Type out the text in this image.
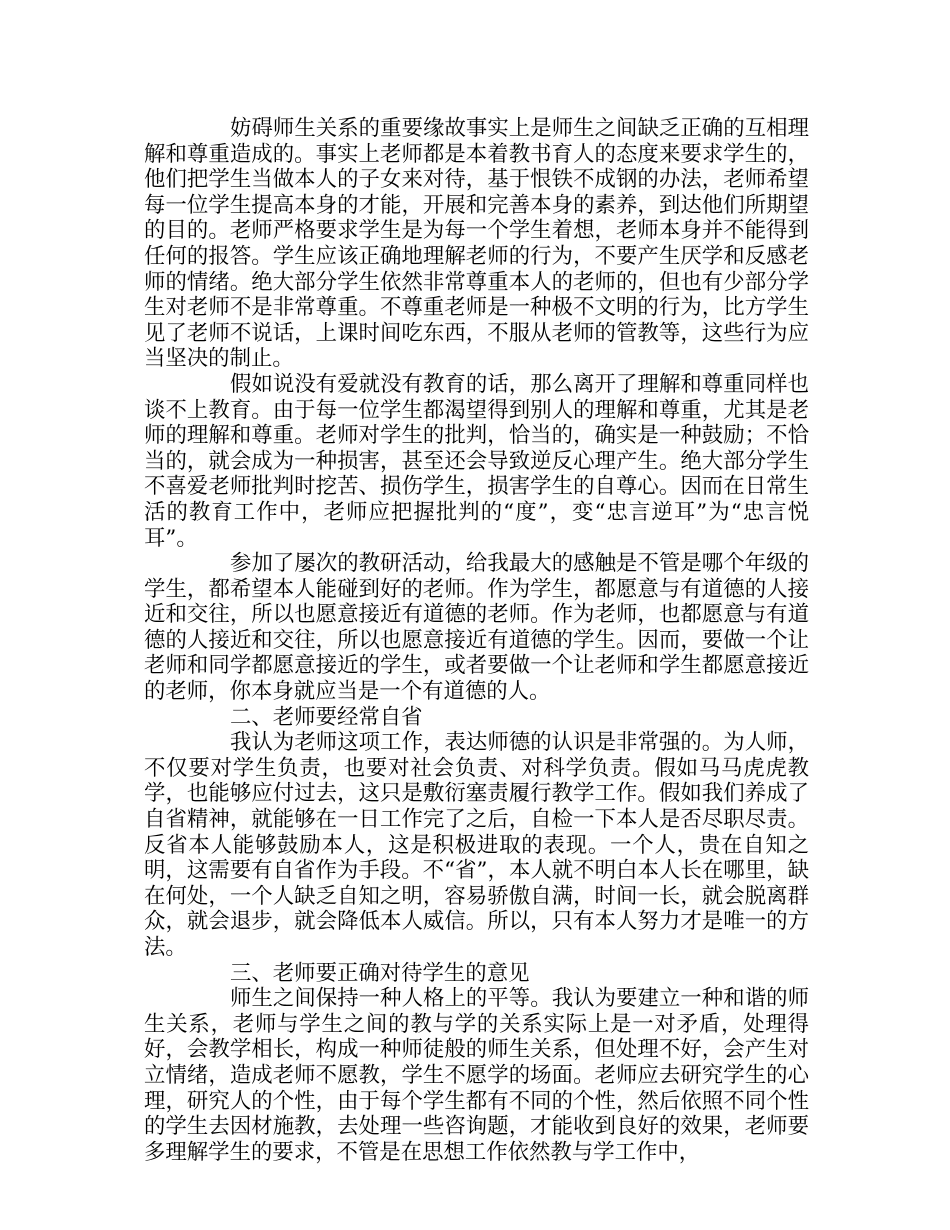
妨碍师生关系的重要缘故事实上是师生之间缺乏正确的互相理解和尊重造成的。事实上老师都是本着教书育人的态度来要求学生的，他们把学生当做本人的子女来对待，基于恨铁不成钢的办法，老师希望每一位学生提高本身的才能，开展和完善本身的素养，到达他们所期望的目的。老师严格要求学生是为每一个学生着想，老师本身并不能得到任何的报答。学生应该正确地理解老师的行为，不要产生厌学和反感老师的情绪。绝大部分学生依然非常尊重本人的老师的，但也有少部分学生对老师不是非常尊重。不尊重老师是一种极不文明的行为，比方学生见了老师不说话，上课时间吃东西，不服从老师的管教等，这些行为应当坚决的制止。

假如说没有爱就没有教育的话，那么离开了理解和尊重同样也谈不上教育。由于每一位学生都渴望得到别人的理解和尊重，尤其是老师的理解和尊重。老师对学生的批判，恰当的，确实是一种鼓励；不恰当的，就会成为一种损害，甚至还会导致逆反心理产生。绝大部分学生不喜爱老师批判时挖苦、损伤学生，损害学生的自尊心。因而在日常生活的教育工作中，老师应把握批判的“度”，变“忠言逆耳”为“忠言悦耳”。

参加了屡次的教研活动，给我最大的感触是不管是哪个年级的学生，都希望本人能碰到好的老师。作为学生，都愿意与有道德的人接近和交往，所以也愿意接近有道德的老师。作为老师，也都愿意与有道德的人接近和交往，所以也愿意接近有道德的学生。因而，要做一个让老师和同学都愿意接近的学生，或者要做一个让老师和学生都愿意接近的老师，你本身就应当是一个有道德的人。

二、老师要经常自省

我认为老师这项工作，表达师德的认识是非常强的。为人师，不仅要对学生负责，也要对社会负责、对科学负责。假如马马虎虎教学，也能够应付过去，这只是敷衍塞责履行教学工作。假如我们养成了自省精神，就能够在一日工作完了之后，自检一下本人是否尽职尽责。反省本人能够鼓励本人，这是积极进取的表现。一个人，贵在自知之明，这需要有自省作为手段。不“省”，本人就不明白本人长在哪里，缺在何处，一个人缺乏自知之明，容易骄傲自满，时间一长，就会脱离群众，就会退步，就会降低本人威信。所以，只有本人努力才是唯一的方法。

三、老师要正确对待学生的意见

师生之间保持一种人格上的平等。我认为要建立一种和谐的师生关系，老师与学生之间的教与学的关系实际上是一对矛盾，处理得好，会教学相长，构成一种师徒般的师生关系，但处理不好，会产生对立情绪，造成老师不愿教，学生不愿学的场面。老师应去研究学生的心理，研究人的个性，由于每个学生都有不同的个性，然后依照不同个性的学生去因材施教，去处理一些咨询题，才能收到良好的效果，老师要多理解学生的要求，不管是在思想工作依然教与学工作中，
